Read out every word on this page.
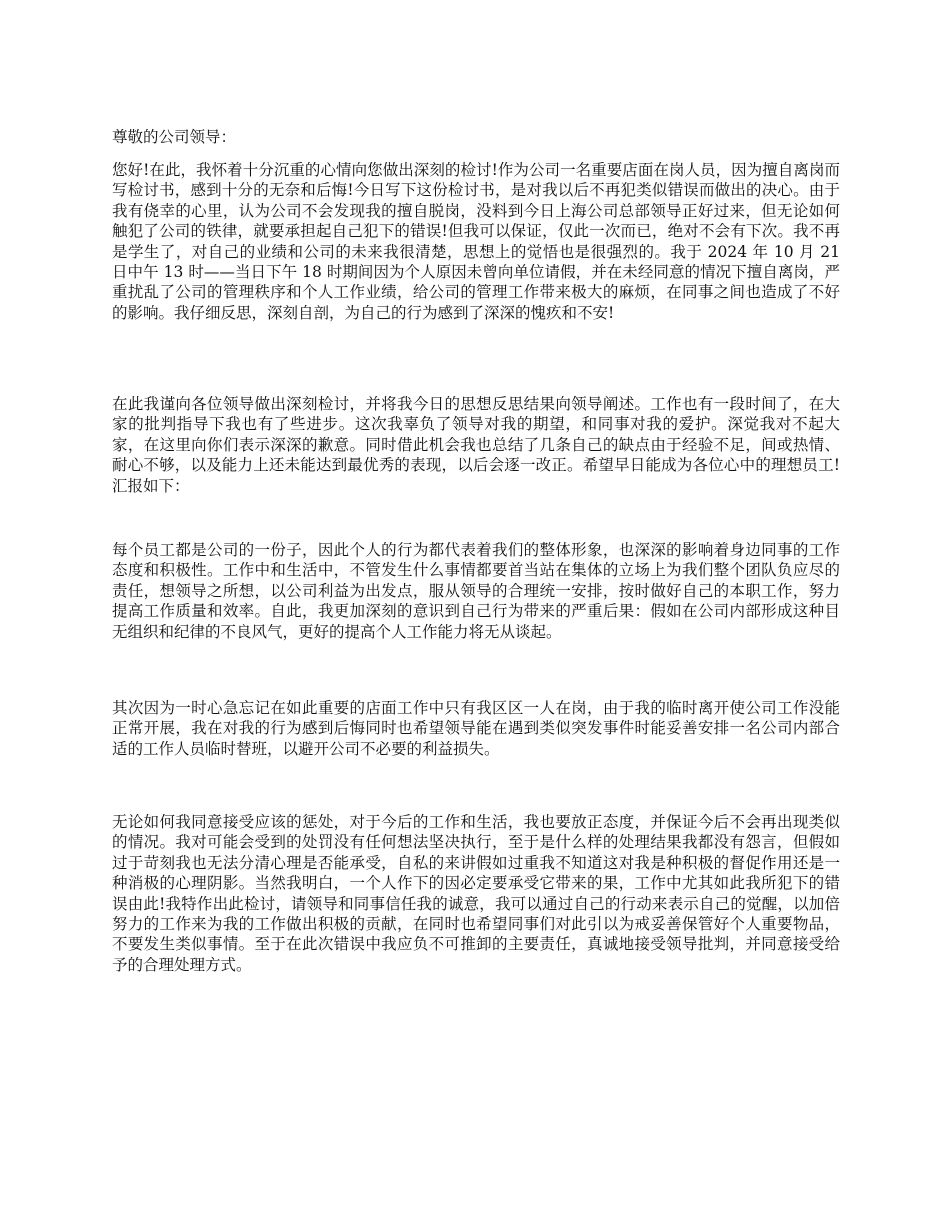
尊敬的公司领导：

您好!在此，我怀着十分沉重的心情向您做出深刻的检讨!作为公司一名重要店面在岗人员，因为擅自离岗而写检讨书，感到十分的无奈和后悔!今日写下这份检讨书，是对我以后不再犯类似错误而做出的决心。由于我有侥幸的心里，认为公司不会发现我的擅自脱岗，没料到今日上海公司总部领导正好过来，但无论如何触犯了公司的铁律，就要承担起自己犯下的错误!但我可以保证，仅此一次而已，绝对不会有下次。我不再是学生了，对自己的业绩和公司的未来我很清楚，思想上的觉悟也是很强烈的。我于 2024 年 10 月 21 日中午 13 时——当日下午 18 时期间因为个人原因未曾向单位请假，并在未经同意的情况下擅自离岗，严重扰乱了公司的管理秩序和个人工作业绩，给公司的管理工作带来极大的麻烦，在同事之间也造成了不好的影响。我仔细反思，深刻自剖，为自己的行为感到了深深的愧疚和不安!

在此我谨向各位领导做出深刻检讨，并将我今日的思想反思结果向领导阐述。工作也有一段时间了，在大家的批判指导下我也有了些进步。这次我辜负了领导对我的期望，和同事对我的爱护。深觉我对不起大家，在这里向你们表示深深的歉意。同时借此机会我也总结了几条自己的缺点由于经验不足，间或热情、耐心不够，以及能力上还未能达到最优秀的表现，以后会逐一改正。希望早日能成为各位心中的理想员工!汇报如下：

每个员工都是公司的一份子，因此个人的行为都代表着我们的整体形象，也深深的影响着身边同事的工作态度和积极性。工作中和生活中，不管发生什么事情都要首当站在集体的立场上为我们整个团队负应尽的责任，想领导之所想，以公司利益为出发点，服从领导的合理统一安排，按时做好自己的本职工作，努力提高工作质量和效率。自此，我更加深刻的意识到自己行为带来的严重后果：假如在公司内部形成这种目无组织和纪律的不良风气，更好的提高个人工作能力将无从谈起。

其次因为一时心急忘记在如此重要的店面工作中只有我区区一人在岗，由于我的临时离开使公司工作没能正常开展，我在对我的行为感到后悔同时也希望领导能在遇到类似突发事件时能妥善安排一名公司内部合适的工作人员临时替班，以避开公司不必要的利益损失。

无论如何我同意接受应该的惩处，对于今后的工作和生活，我也要放正态度，并保证今后不会再出现类似的情况。我对可能会受到的处罚没有任何想法坚决执行，至于是什么样的处理结果我都没有怨言，但假如过于苛刻我也无法分清心理是否能承受，自私的来讲假如过重我不知道这对我是种积极的督促作用还是一种消极的心理阴影。当然我明白，一个人作下的因必定要承受它带来的果，工作中尤其如此我所犯下的错误由此!我特作出此检讨，请领导和同事信任我的诚意，我可以通过自己的行动来表示自己的觉醒，以加倍努力的工作来为我的工作做出积极的贡献，在同时也希望同事们对此引以为戒妥善保管好个人重要物品，不要发生类似事情。至于在此次错误中我应负不可推卸的主要责任，真诚地接受领导批判，并同意接受给予的合理处理方式。
